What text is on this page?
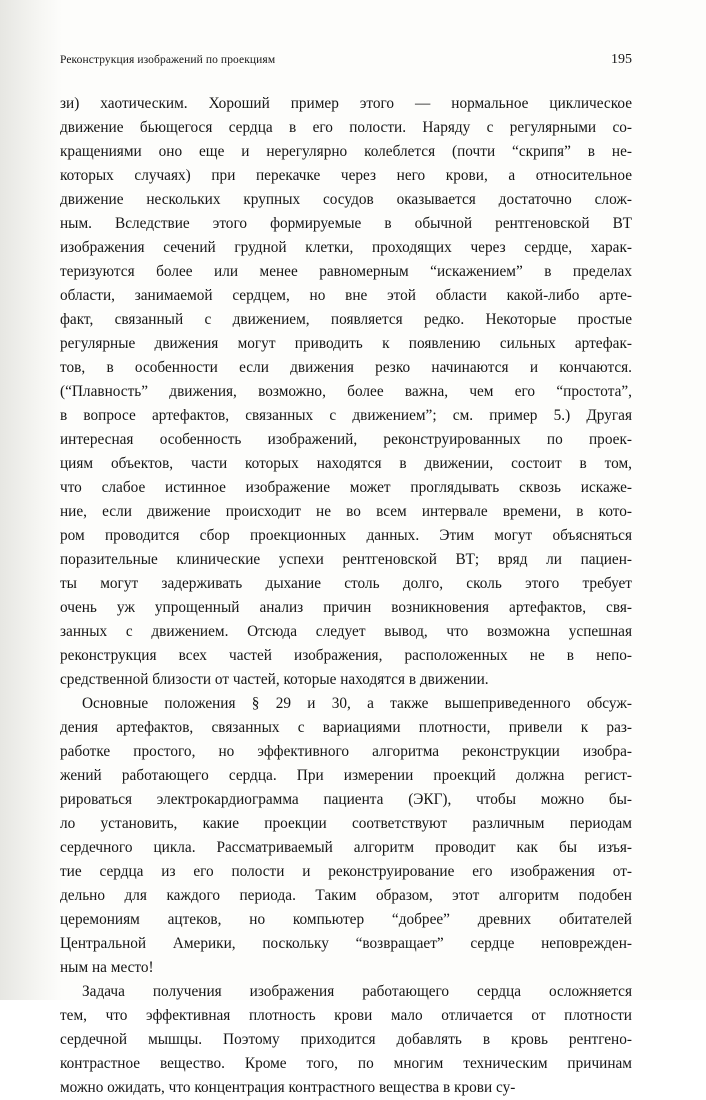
Реконструкция изображений по проекциям	195
зи) хаотическим. Хороший пример этого — нормальное циклическое
движение бьющегося сердца в его полости. Наряду с регулярными со-
кращениями оно еще и нерегулярно колеблется (почти “скрипя” в не-
которых случаях) при перекачке через него крови, а относительное
движение нескольких крупных сосудов оказывается достаточно слож-
ным. Вследствие этого формируемые в обычной рентгеновской ВТ
изображения сечений грудной клетки, проходящих через сердце, харак-
теризуются более или менее равномерным “искажением” в пределах
области, занимаемой сердцем, но вне этой области какой-либо арте-
факт, связанный с движением, появляется редко. Некоторые простые
регулярные движения могут приводить к появлению сильных артефак-
тов, в особенности если движения резко начинаются и кончаются.
(“Плавность” движения, возможно, более важна, чем его “простота”,
в вопросе артефактов, связанных с движением”; см. пример 5.) Другая
интересная особенность изображений, реконструированных по проек-
циям объектов, части которых находятся в движении, состоит в том,
что слабое истинное изображение может проглядывать сквозь искаже-
ние, если движение происходит не во всем интервале времени, в кото-
ром проводится сбор проекционных данных. Этим могут объясняться
поразительные клинические успехи рентгеновской ВТ; вряд ли пациен-
ты могут задерживать дыхание столь долго, сколь этого требует
очень уж упрощенный анализ причин возникновения артефактов, свя-
занных с движением. Отсюда следует вывод, что возможна успешная
реконструкция всех частей изображения, расположенных не в непо-
средственной близости от частей, которые находятся в движении.
Основные положения § 29 и 30, а также вышеприведенного обсуж-
дения артефактов, связанных с вариациями плотности, привели к раз-
работке простого, но эффективного алгоритма реконструкции изобра-
жений работающего сердца. При измерении проекций должна регист-
рироваться электрокардиограмма пациента (ЭКГ), чтобы можно бы-
ло установить, какие проекции соответствуют различным периодам
сердечного цикла. Рассматриваемый алгоритм проводит как бы изъя-
тие сердца из его полости и реконструирование его изображения от-
дельно для каждого периода. Таким образом, этот алгоритм подобен
церемониям ацтеков, но компьютер “добрее” древних обитателей
Центральной Америки, поскольку “возвращает” сердце неповрежден-
ным на место!
Задача получения изображения работающего сердца осложняется
тем, что эффективная плотность крови мало отличается от плотности
сердечной мышцы. Поэтому приходится добавлять в кровь рентгено-
контрастное вещество. Кроме того, по многим техническим причинам
можно ожидать, что концентрация контрастного вещества в крови су-
